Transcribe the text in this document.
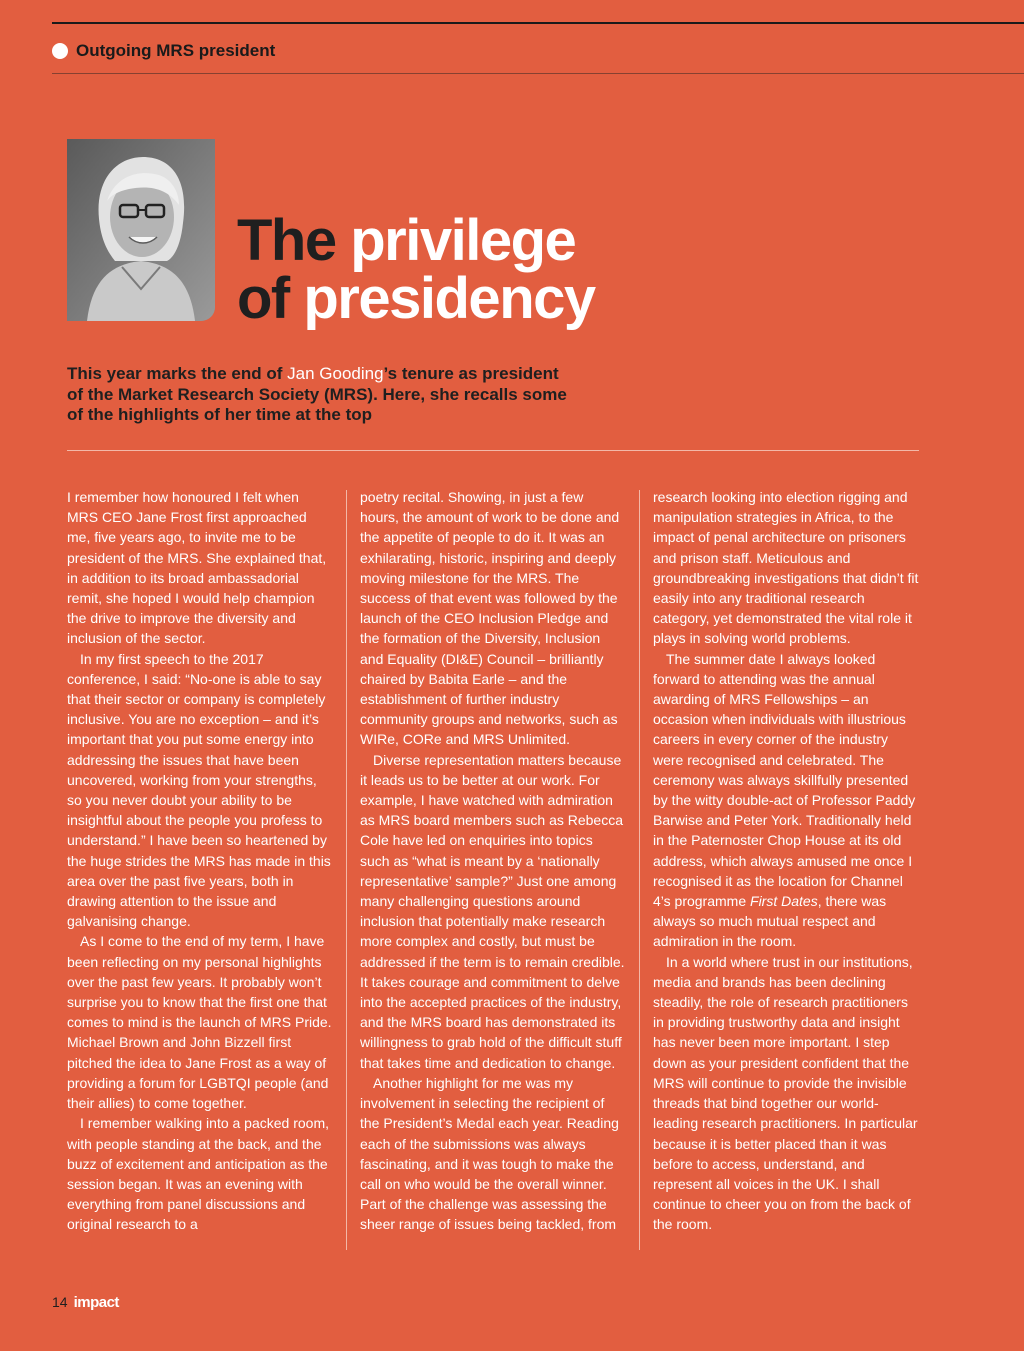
Outgoing MRS president
The privilege
of presidency
This year marks the end of Jan Gooding’s tenure as president of the Market Research Society (MRS). Here, she recalls some of the highlights of her time at the top

I remember how honoured I felt when MRS CEO Jane Frost first approached me, five years ago, to invite me to be president of the MRS. She explained that, in addition to its broad ambassadorial remit, she hoped I would help champion the drive to improve the diversity and inclusion of the sector.

In my first speech to the 2017 conference, I said: “No-one is able to say that their sector or company is completely inclusive. You are no exception – and it’s important that you put some energy into addressing the issues that have been uncovered, working from your strengths, so you never doubt your ability to be insightful about the people you profess to understand.” I have been so heartened by the huge strides the MRS has made in this area over the past five years, both in drawing attention to the issue and galvanising change.

As I come to the end of my term, I have been reflecting on my personal highlights over the past few years. It probably won’t surprise you to know that the first one that comes to mind is the launch of MRS Pride. Michael Brown and John Bizzell first pitched the idea to Jane Frost as a way of providing a forum for LGBTQI people (and their allies) to come together.

I remember walking into a packed room, with people standing at the back, and the buzz of excitement and anticipation as the session began. It was an evening with everything from panel discussions and original research to a

poetry recital. Showing, in just a few hours, the amount of work to be done and the appetite of people to do it. It was an exhilarating, historic, inspiring and deeply moving milestone for the MRS. The success of that event was followed by the launch of the CEO Inclusion Pledge and the formation of the Diversity, Inclusion and Equality (DI&E) Council – brilliantly chaired by Babita Earle – and the establishment of further industry community groups and networks, such as WIRe, CORe and MRS Unlimited.

Diverse representation matters because it leads us to be better at our work. For example, I have watched with admiration as MRS board members such as Rebecca Cole have led on enquiries into topics such as “what is meant by a ‘nationally representative’ sample?” Just one among many challenging questions around inclusion that potentially make research more complex and costly, but must be addressed if the term is to remain credible. It takes courage and commitment to delve into the accepted practices of the industry, and the MRS board has demonstrated its willingness to grab hold of the difficult stuff that takes time and dedication to change.

Another highlight for me was my involvement in selecting the recipient of the President’s Medal each year. Reading each of the submissions was always fascinating, and it was tough to make the call on who would be the overall winner. Part of the challenge was assessing the sheer range of issues being tackled, from

research looking into election rigging and manipulation strategies in Africa, to the impact of penal architecture on prisoners and prison staff. Meticulous and groundbreaking investigations that didn’t fit easily into any traditional research category, yet demonstrated the vital role it plays in solving world problems.

The summer date I always looked forward to attending was the annual awarding of MRS Fellowships – an occasion when individuals with illustrious careers in every corner of the industry were recognised and celebrated. The ceremony was always skillfully presented by the witty double-act of Professor Paddy Barwise and Peter York. Traditionally held in the Paternoster Chop House at its old address, which always amused me once I recognised it as the location for Channel 4’s programme First Dates, there was always so much mutual respect and admiration in the room.

In a world where trust in our institutions, media and brands has been declining steadily, the role of research practitioners in providing trustworthy data and insight has never been more important. I step down as your president confident that the MRS will continue to provide the invisible threads that bind together our world-leading research practitioners. In particular because it is better placed than it was before to access, understand, and represent all voices in the UK. I shall continue to cheer you on from the back of the room.

14 impact
